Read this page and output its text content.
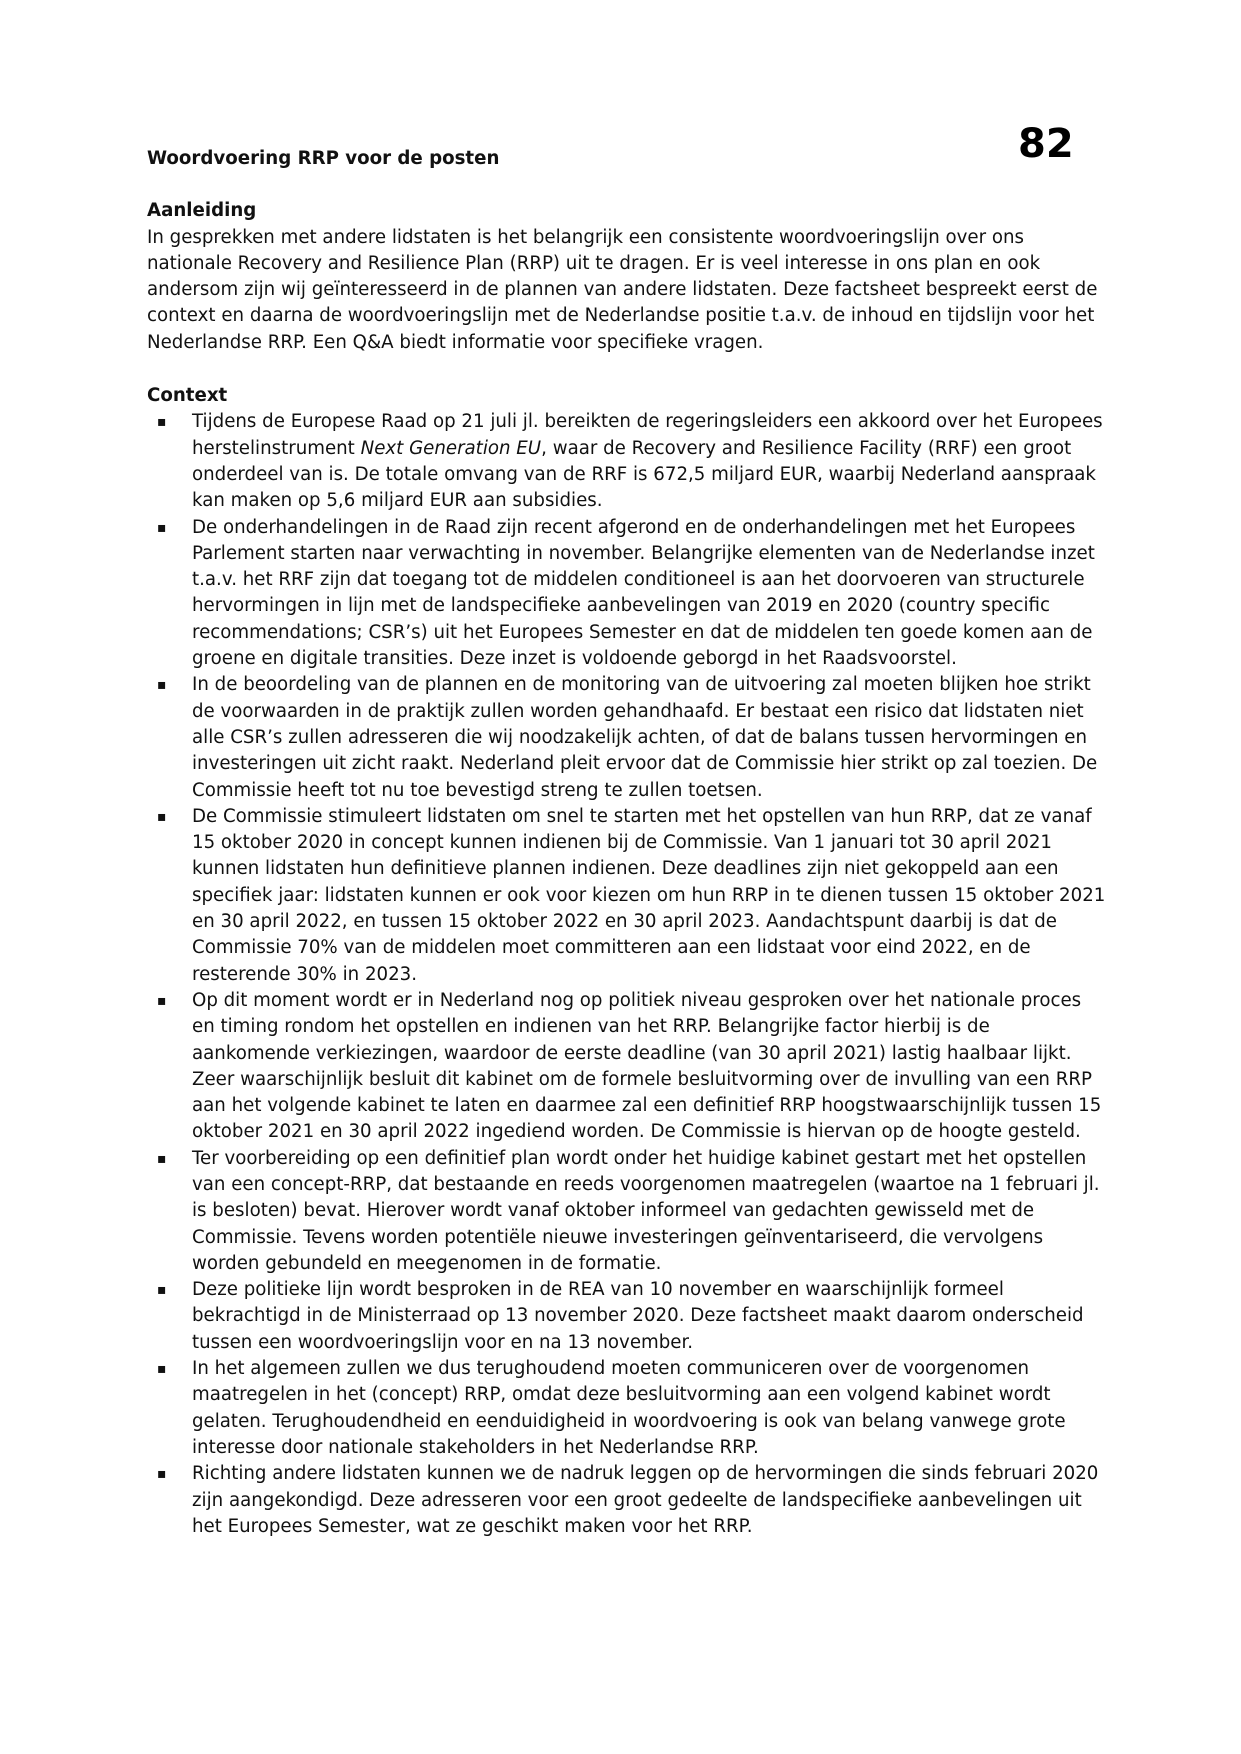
82

Woordvoering RRP voor de posten

Aanleiding

In gesprekken met andere lidstaten is het belangrijk een consistente woordvoeringslijn over ons nationale Recovery and Resilience Plan (RRP) uit te dragen. Er is veel interesse in ons plan en ook andersom zijn wij geïnteresseerd in de plannen van andere lidstaten. Deze factsheet bespreekt eerst de context en daarna de woordvoeringslijn met de Nederlandse positie t.a.v. de inhoud en tijdslijn voor het Nederlandse RRP. Een Q&A biedt informatie voor specifieke vragen.

Context

▪ Tijdens de Europese Raad op 21 juli jl. bereikten de regeringsleiders een akkoord over het Europees herstelinstrument Next Generation EU, waar de Recovery and Resilience Facility (RRF) een groot onderdeel van is. De totale omvang van de RRF is 672,5 miljard EUR, waarbij Nederland aanspraak kan maken op 5,6 miljard EUR aan subsidies.
▪ De onderhandelingen in de Raad zijn recent afgerond en de onderhandelingen met het Europees Parlement starten naar verwachting in november. Belangrijke elementen van de Nederlandse inzet t.a.v. het RRF zijn dat toegang tot de middelen conditioneel is aan het doorvoeren van structurele hervormingen in lijn met de landspecifieke aanbevelingen van 2019 en 2020 (country specific recommendations; CSR’s) uit het Europees Semester en dat de middelen ten goede komen aan de groene en digitale transities. Deze inzet is voldoende geborgd in het Raadsvoorstel.
▪ In de beoordeling van de plannen en de monitoring van de uitvoering zal moeten blijken hoe strikt de voorwaarden in de praktijk zullen worden gehandhaafd. Er bestaat een risico dat lidstaten niet alle CSR’s zullen adresseren die wij noodzakelijk achten, of dat de balans tussen hervormingen en investeringen uit zicht raakt. Nederland pleit ervoor dat de Commissie hier strikt op zal toezien. De Commissie heeft tot nu toe bevestigd streng te zullen toetsen.
▪ De Commissie stimuleert lidstaten om snel te starten met het opstellen van hun RRP, dat ze vanaf 15 oktober 2020 in concept kunnen indienen bij de Commissie. Van 1 januari tot 30 april 2021 kunnen lidstaten hun definitieve plannen indienen. Deze deadlines zijn niet gekoppeld aan een specifiek jaar: lidstaten kunnen er ook voor kiezen om hun RRP in te dienen tussen 15 oktober 2021 en 30 april 2022, en tussen 15 oktober 2022 en 30 april 2023. Aandachtspunt daarbij is dat de Commissie 70% van de middelen moet committeren aan een lidstaat voor eind 2022, en de resterende 30% in 2023.
▪ Op dit moment wordt er in Nederland nog op politiek niveau gesproken over het nationale proces en timing rondom het opstellen en indienen van het RRP. Belangrijke factor hierbij is de aankomende verkiezingen, waardoor de eerste deadline (van 30 april 2021) lastig haalbaar lijkt. Zeer waarschijnlijk besluit dit kabinet om de formele besluitvorming over de invulling van een RRP aan het volgende kabinet te laten en daarmee zal een definitief RRP hoogstwaarschijnlijk tussen 15 oktober 2021 en 30 april 2022 ingediend worden. De Commissie is hiervan op de hoogte gesteld.
▪ Ter voorbereiding op een definitief plan wordt onder het huidige kabinet gestart met het opstellen van een concept-RRP, dat bestaande en reeds voorgenomen maatregelen (waartoe na 1 februari jl. is besloten) bevat. Hierover wordt vanaf oktober informeel van gedachten gewisseld met de Commissie. Tevens worden potentiële nieuwe investeringen geïnventariseerd, die vervolgens worden gebundeld en meegenomen in de formatie.
▪ Deze politieke lijn wordt besproken in de REA van 10 november en waarschijnlijk formeel bekrachtigd in de Ministerraad op 13 november 2020. Deze factsheet maakt daarom onderscheid tussen een woordvoeringslijn voor en na 13 november.
▪ In het algemeen zullen we dus terughoudend moeten communiceren over de voorgenomen maatregelen in het (concept) RRP, omdat deze besluitvorming aan een volgend kabinet wordt gelaten. Terughoudendheid en eenduidigheid in woordvoering is ook van belang vanwege grote interesse door nationale stakeholders in het Nederlandse RRP.
▪ Richting andere lidstaten kunnen we de nadruk leggen op de hervormingen die sinds februari 2020 zijn aangekondigd. Deze adresseren voor een groot gedeelte de landspecifieke aanbevelingen uit het Europees Semester, wat ze geschikt maken voor het RRP.
